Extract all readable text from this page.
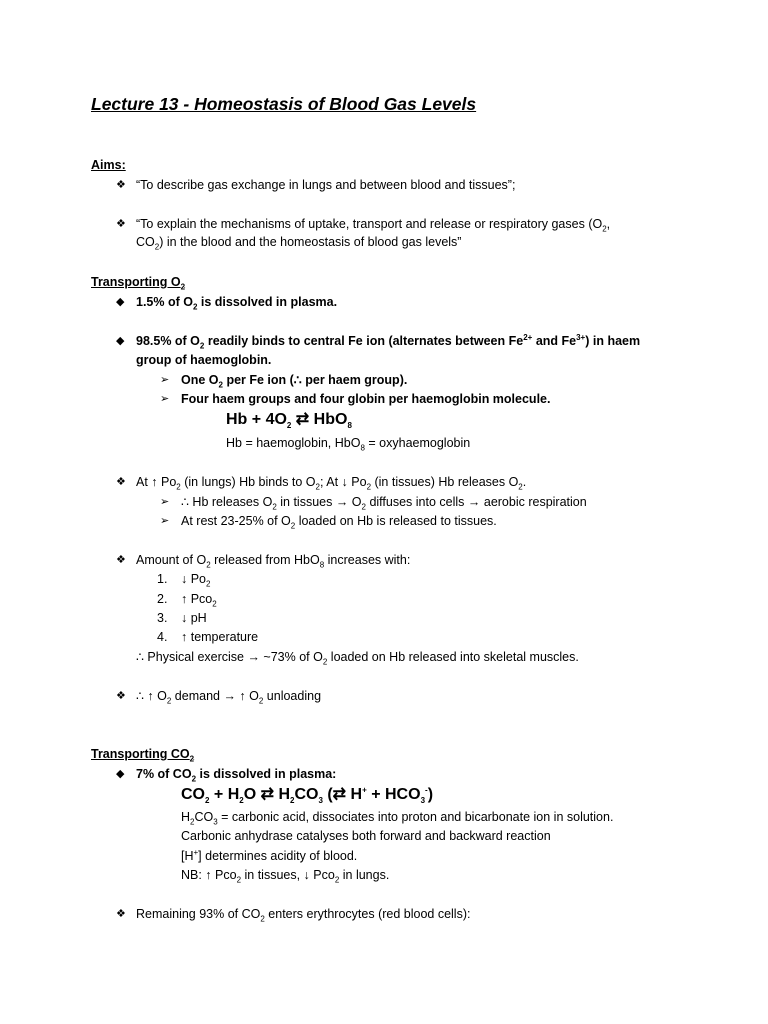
Lecture 13 - Homeostasis of Blood Gas Levels
Aims:
❖ “To describe gas exchange in lungs and between blood and tissues”;
❖ “To explain the mechanisms of uptake, transport and release or respiratory gases ($O_2$,
$CO_2$) in the blood and the homeostasis of blood gas levels”
Transporting $O_2$
◆ 1.5% of $O_2$ is dissolved in plasma.
◆ 98.5% of $O_2$ readily binds to central Fe ion (alternates between $Fe^{2+}$ and $Fe^{3+}$) in haem
group of haemoglobin.
➢ One $O_2$ per Fe ion (∴ per haem group).
➢ Four haem groups and four globin per haemoglobin molecule.
$Hb + 4O_2$ ⇄ HbO$_8$
Hb = haemoglobin, HbO$_8$ = oxyhaemoglobin
❖ At ↑ $Po_2$ (in lungs) Hb binds to $O_2$; At ↓ $Po_2$ (in tissues) Hb releases $O_2$.
➢ ∴ Hb releases $O_2$ in tissues → $O_2$ diffuses into cells → aerobic respiration
➢ At rest 23-25% of $O_2$ loaded on Hb is released to tissues.
❖ Amount of $O_2$ released from HbO$_8$ increases with:
1. ↓ $Po_2$
2. ↑ Pco$_2$
3. ↓ pH
4. ↑ temperature
∴ Physical exercise → ~73% of $O_2$ loaded on Hb released into skeletal muscles.
❖ ∴ ↑ $O_2$ demand → ↑ $O_2$ unloading
Transporting $CO_2$
◆ 7% of $CO_2$ is dissolved in plasma:
$CO_2 + H_2O$ ⇄ $H_2CO_3$ (⇄ $H^+ + HCO_3^-$)
$H_2CO_3$ = carbonic acid, dissociates into proton and bicarbonate ion in solution.
Carbonic anhydrase catalyses both forward and backward reaction
[H+] determines acidity of blood.
NB: ↑ Pco$_2$ in tissues, ↓ Pco$_2$ in lungs.
❖ Remaining 93% of $CO_2$ enters erythrocytes (red blood cells):
